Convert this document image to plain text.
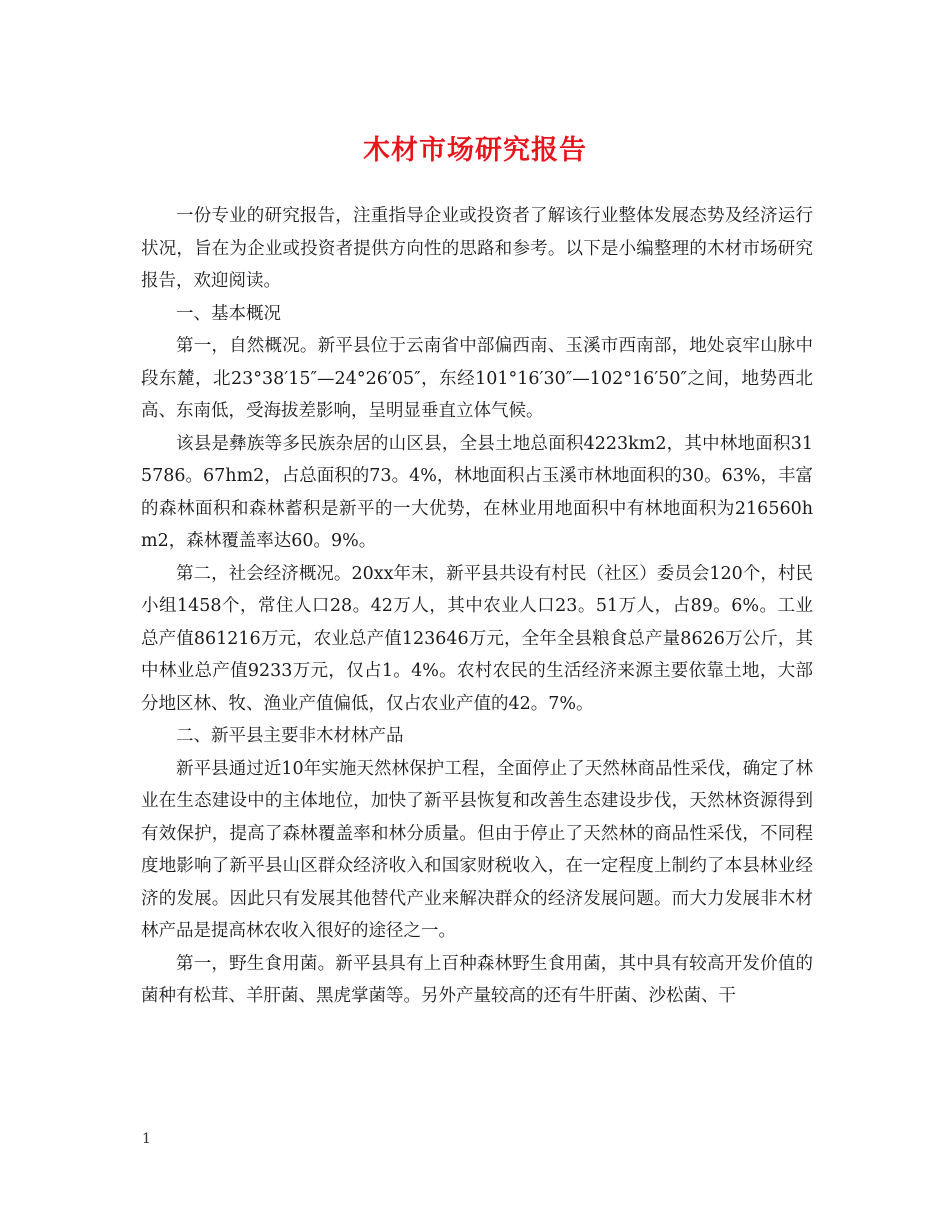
木材市场研究报告

一份专业的研究报告，注重指导企业或投资者了解该行业整体发展态势及经济运行状况，旨在为企业或投资者提供方向性的思路和参考。以下是小编整理的木材市场研究报告，欢迎阅读。

一、基本概况

第一，自然概况。新平县位于云南省中部偏西南、玉溪市西南部，地处哀牢山脉中段东麓，北23°38′15″—24°26′05″，东经101°16′30″—102°16′50″之间，地势西北高、东南低，受海拔差影响，呈明显垂直立体气候。

该县是彝族等多民族杂居的山区县，全县土地总面积4223km2，其中林地面积315786。67hm2，占总面积的73。4%，林地面积占玉溪市林地面积的30。63%，丰富的森林面积和森林蓄积是新平的一大优势，在林业用地面积中有林地面积为216560hm2，森林覆盖率达60。9%。

第二，社会经济概况。20xx年末，新平县共设有村民（社区）委员会120个，村民小组1458个，常住人口28。42万人，其中农业人口23。51万人，占89。6%。工业总产值861216万元，农业总产值123646万元，全年全县粮食总产量8626万公斤，其中林业总产值9233万元，仅占1。4%。农村农民的生活经济来源主要依靠土地，大部分地区林、牧、渔业产值偏低，仅占农业产值的42。7%。

二、新平县主要非木材林产品

新平县通过近10年实施天然林保护工程，全面停止了天然林商品性采伐，确定了林业在生态建设中的主体地位，加快了新平县恢复和改善生态建设步伐，天然林资源得到有效保护，提高了森林覆盖率和林分质量。但由于停止了天然林的商品性采伐，不同程度地影响了新平县山区群众经济收入和国家财税收入，在一定程度上制约了本县林业经济的发展。因此只有发展其他替代产业来解决群众的经济发展问题。而大力发展非木材林产品是提高林农收入很好的途径之一。

第一，野生食用菌。新平县具有上百种森林野生食用菌，其中具有较高开发价值的菌种有松茸、羊肝菌、黑虎掌菌等。另外产量较高的还有牛肝菌、沙松菌、干

1
